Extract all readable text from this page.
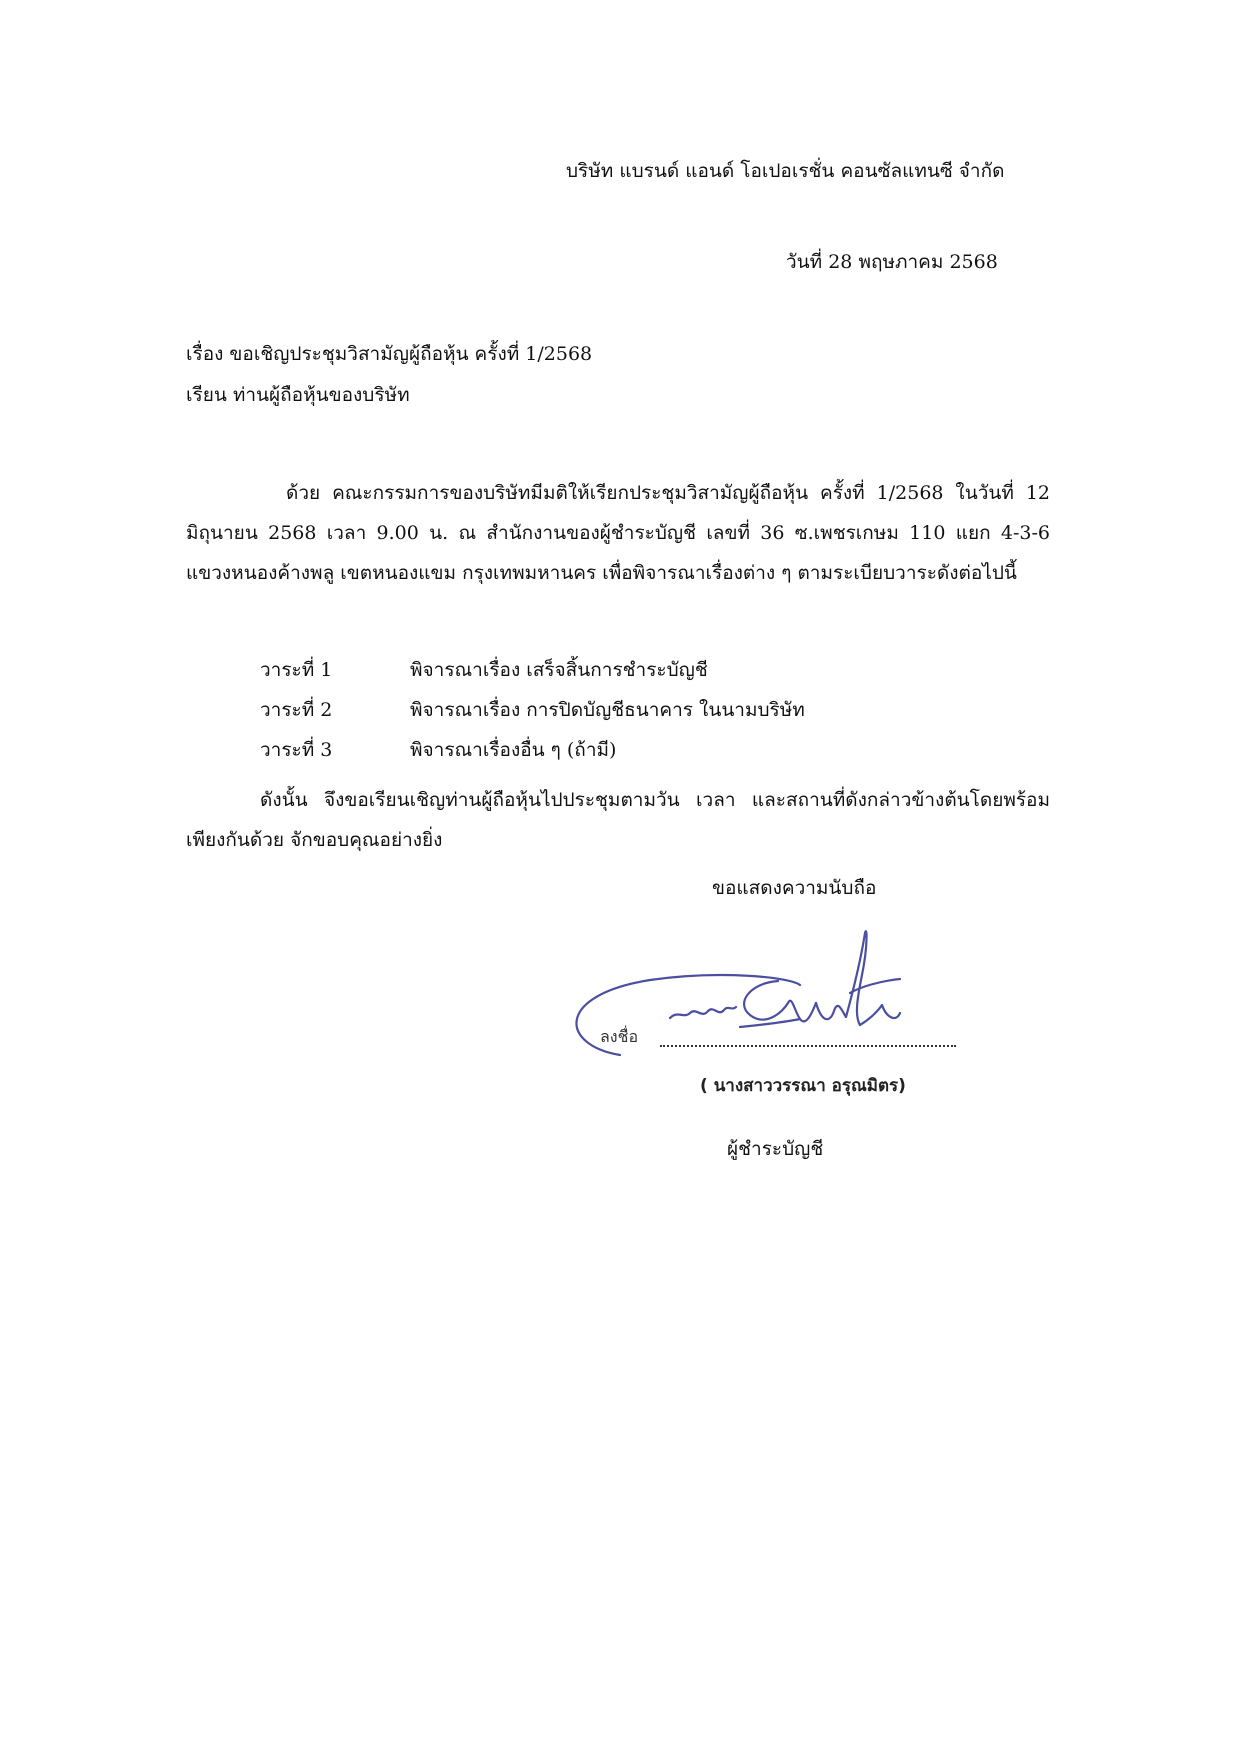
บริษัท แบรนด์ แอนด์ โอเปอเรชั่น คอนซัลแทนซี จำกัด
วันที่ 28 พฤษภาคม 2568
เรื่อง ขอเชิญประชุมวิสามัญผู้ถือหุ้น ครั้งที่ 1/2568
เรียน ท่านผู้ถือหุ้นของบริษัท

ด้วย คณะกรรมการของบริษัทมีมติให้เรียกประชุมวิสามัญผู้ถือหุ้น ครั้งที่ 1/2568 ในวันที่ 12 มิถุนายน 2568 เวลา 9.00 น. ณ สำนักงานของผู้ชำระบัญชี เลขที่ 36 ซ.เพชรเกษม 110 แยก 4-3-6 แขวงหนองค้างพลู เขตหนองแขม กรุงเทพมหานคร เพื่อพิจารณาเรื่องต่าง ๆ ตามระเบียบวาระดังต่อไปนี้

วาระที่ 1	พิจารณาเรื่อง เสร็จสิ้นการชำระบัญชี
วาระที่ 2	พิจารณาเรื่อง การปิดบัญชีธนาคาร ในนามบริษัท
วาระที่ 3	พิจารณาเรื่องอื่น ๆ (ถ้ามี)

ดังนั้น จึงขอเรียนเชิญท่านผู้ถือหุ้นไปประชุมตามวัน เวลา และสถานที่ดังกล่าวข้างต้นโดยพร้อมเพียงกันด้วย จักขอบคุณอย่างยิ่ง

ขอแสดงความนับถือ
ลงชื่อ
( นางสาววรรณา อรุณมิตร)
ผู้ชำระบัญชี
